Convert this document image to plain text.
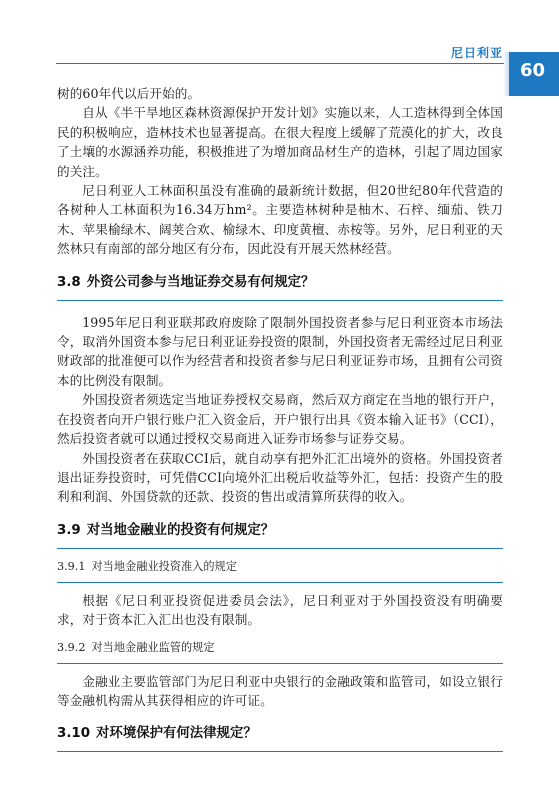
尼日利亚
60

树的60年代以后开始的。

自从《半干旱地区森林资源保护开发计划》实施以来，人工造林得到全体国民的积极响应，造林技术也显著提高。在很大程度上缓解了荒漠化的扩大，改良了土壤的水源涵养功能，积极推进了为增加商品材生产的造林，引起了周边国家的关注。

尼日利亚人工林面积虽没有准确的最新统计数据，但20世纪80年代营造的各树种人工林面积为16.34万hm²。主要造林树种是柚木、石梓、缅茄、铁刀木、苹果榆绿木、阔荚合欢、榆绿木、印度黄檀、赤桉等。另外，尼日利亚的天然林只有南部的部分地区有分布，因此没有开展天然林经营。

3.8 外资公司参与当地证券交易有何规定？

1995年尼日利亚联邦政府废除了限制外国投资者参与尼日利亚资本市场法令，取消外国资本参与尼日利亚证券投资的限制，外国投资者无需经过尼日利亚财政部的批准便可以作为经营者和投资者参与尼日利亚证券市场，且拥有公司资本的比例没有限制。

外国投资者须选定当地证券授权交易商，然后双方商定在当地的银行开户，在投资者向开户银行账户汇入资金后，开户银行出具《资本输入证书》（CCI），然后投资者就可以通过授权交易商进入证券市场参与证券交易。

外国投资者在获取CCI后，就自动享有把外汇汇出境外的资格。外国投资者退出证券投资时，可凭借CCI向境外汇出税后收益等外汇，包括：投资产生的股利和利润、外国贷款的还款、投资的售出或清算所获得的收入。

3.9 对当地金融业的投资有何规定？
3.9.1 对当地金融业投资准入的规定

根据《尼日利亚投资促进委员会法》，尼日利亚对于外国投资没有明确要求，对于资本汇入汇出也没有限制。

3.9.2 对当地金融业监管的规定

金融业主要监管部门为尼日利亚中央银行的金融政策和监管司，如设立银行等金融机构需从其获得相应的许可证。

3.10 对环境保护有何法律规定？
